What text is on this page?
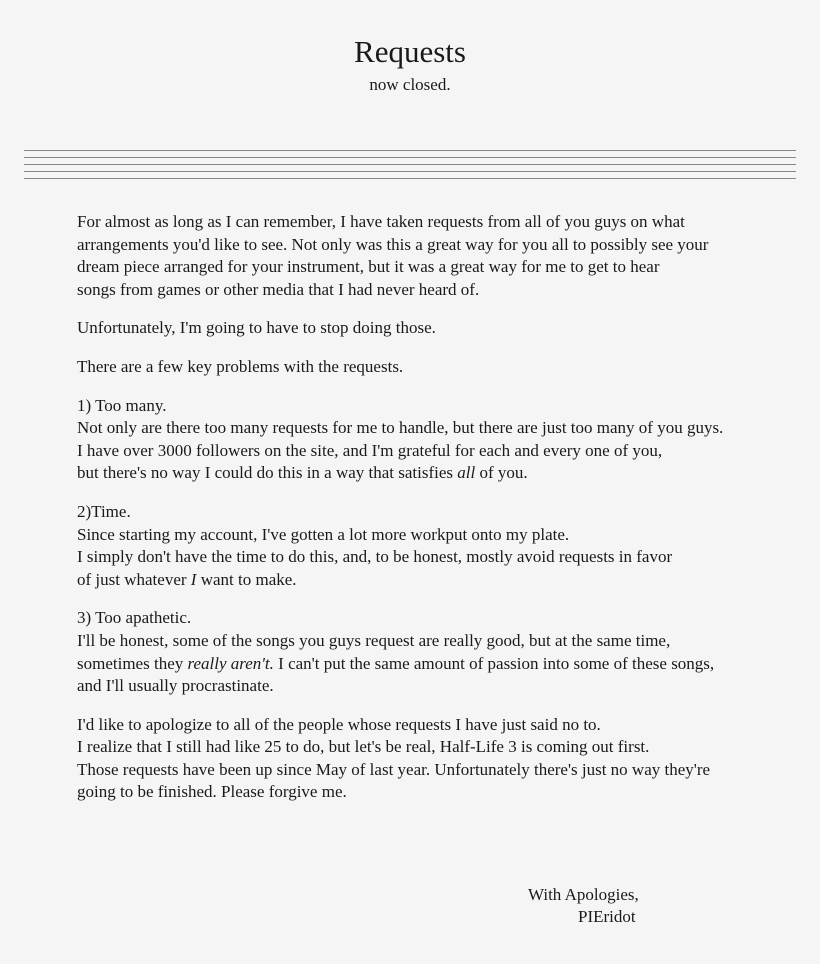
Requests
now closed.

For almost as long as I can remember, I have taken requests from all of you guys on what
arrangements you'd like to see. Not only was this a great way for you all to possibly see your
dream piece arranged for your instrument, but it was a great way for me to get to hear
songs from games or other media that I had never heard of.

Unfortunately, I'm going to have to stop doing those.

There are a few key problems with the requests.

1) Too many.
Not only are there too many requests for me to handle, but there are just too many of you guys.
I have over 3000 followers on the site, and I'm grateful for each and every one of you,
but there's no way I could do this in a way that satisfies all of you.

2)Time.
Since starting my account, I've gotten a lot more workput onto my plate.
I simply don't have the time to do this, and, to be honest, mostly avoid requests in favor
of just whatever I want to make.

3) Too apathetic.
I'll be honest, some of the songs you guys request are really good, but at the same time,
sometimes they really aren't. I can't put the same amount of passion into some of these songs,
and I'll usually procrastinate.

I'd like to apologize to all of the people whose requests I have just said no to.
I realize that I still had like 25 to do, but let's be real, Half-Life 3 is coming out first.
Those requests have been up since May of last year. Unfortunately there's just no way they're
going to be finished. Please forgive me.

With Apologies,
PIEridot
